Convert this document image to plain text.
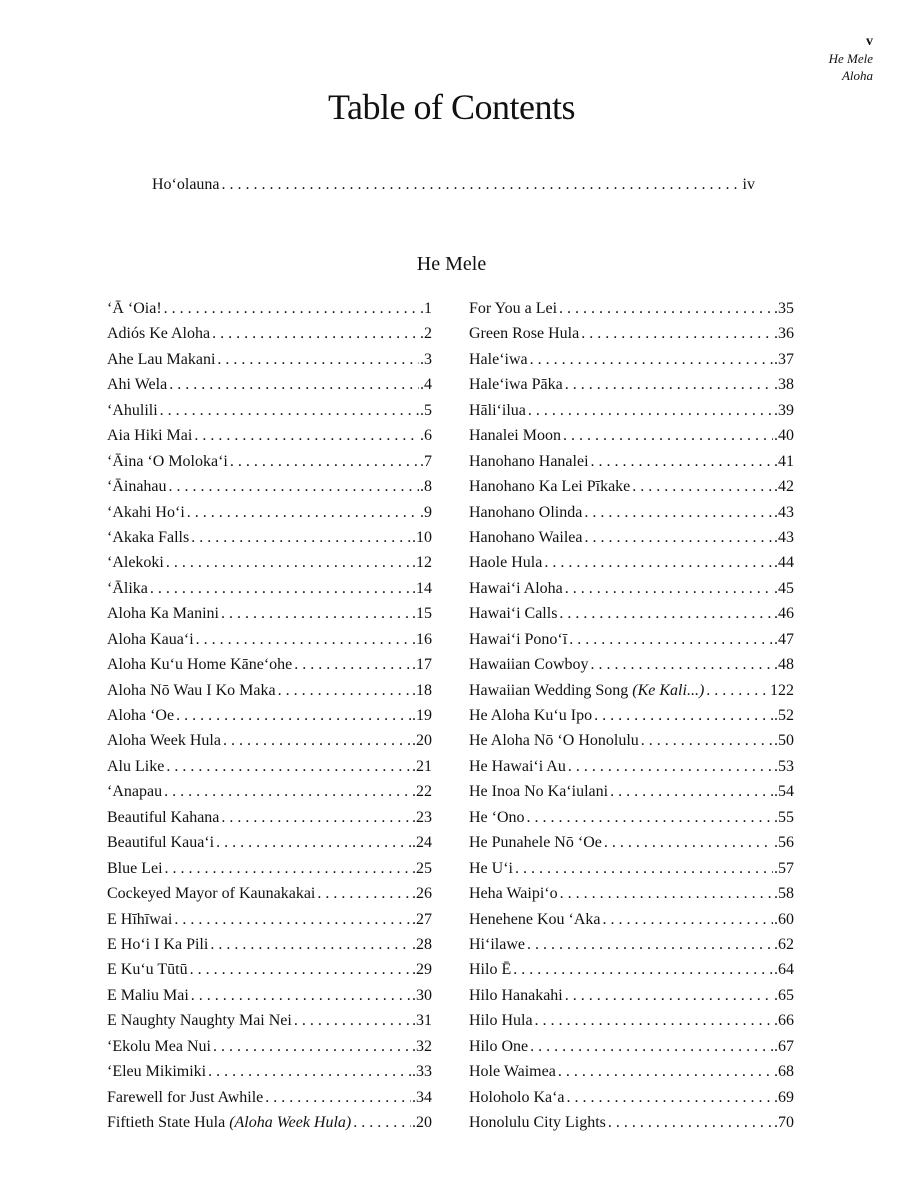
v
He Mele
Aloha
Table of Contents
Hoʻolauna . . .	iv
He Mele
ʻĀ ʻOia! . . .	.1
Adiós Ke Aloha . . .	.2
Ahe Lau Makani . . .	.3
Ahi Wela . . .	.4
ʻAhulili . . .	.5
Aia Hiki Mai . . .	.6
ʻĀina ʻO Molokaʻi . . .	.7
ʻĀinahau . . .	.8
ʻAkahi Hoʻi . . .	.9
ʻAkaka Falls . . .	.10
ʻAlekoki . . .	.12
ʻĀlika . . .	.14
Aloha Ka Manini . . .	.15
Aloha Kauaʻi . . .	.16
Aloha Kuʻu Home Kāneʻohe . . .	.17
Aloha Nō Wau I Ko Maka . . .	.18
Aloha ʻOe . . .	.19
Aloha Week Hula . . .	.20
Alu Like . . .	.21
ʻAnapau . . .	.22
Beautiful Kahana . . .	.23
Beautiful Kauaʻi . . .	.24
Blue Lei . . .	.25
Cockeyed Mayor of Kaunakakai . . .	.26
E Hīhīwai . . .	.27
E Hoʻi I Ka Pili . . .	.28
E Kuʻu Tūtū . . .	.29
E Maliu Mai . . .	.30
E Naughty Naughty Mai Nei . . .	.31
ʻEkolu Mea Nui . . .	.32
ʻEleu Mikimiki . . .	.33
Farewell for Just Awhile . . .	.34
Fiftieth State Hula (Aloha Week Hula) . . .	.20
For You a Lei . . .	.35
Green Rose Hula . . .	.36
Haleʻiwa . . .	.37
Haleʻiwa Pāka . . .	.38
Hāliʻilua . . .	.39
Hanalei Moon . . .	.40
Hanohano Hanalei . . .	.41
Hanohano Ka Lei Pīkake . . .	.42
Hanohano Olinda . . .	.43
Hanohano Wailea . . .	.43
Haole Hula . . .	.44
Hawaiʻi Aloha . . .	.45
Hawaiʻi Calls . . .	.46
Hawaiʻi Ponoʻī . . .	.47
Hawaiian Cowboy . . .	.48
Hawaiian Wedding Song (Ke Kali...) . . .	122
He Aloha Kuʻu Ipo . . .	.52
He Aloha Nō ʻO Honolulu . . .	.50
He Hawaiʻi Au . . .	.53
He Inoa No Kaʻiulani . . .	.54
He ʻOno . . .	.55
He Punahele Nō ʻOe . . .	.56
He Uʻi . . .	.57
Heha Waipiʻo . . .	.58
Henehene Kou ʻAka . . .	.60
Hiʻilawe . . .	.62
Hilo Ē . . .	.64
Hilo Hanakahi . . .	.65
Hilo Hula . . .	.66
Hilo One . . .	.67
Hole Waimea . . .	.68
Holoholo Kaʻa . . .	.69
Honolulu City Lights . . .	.70
